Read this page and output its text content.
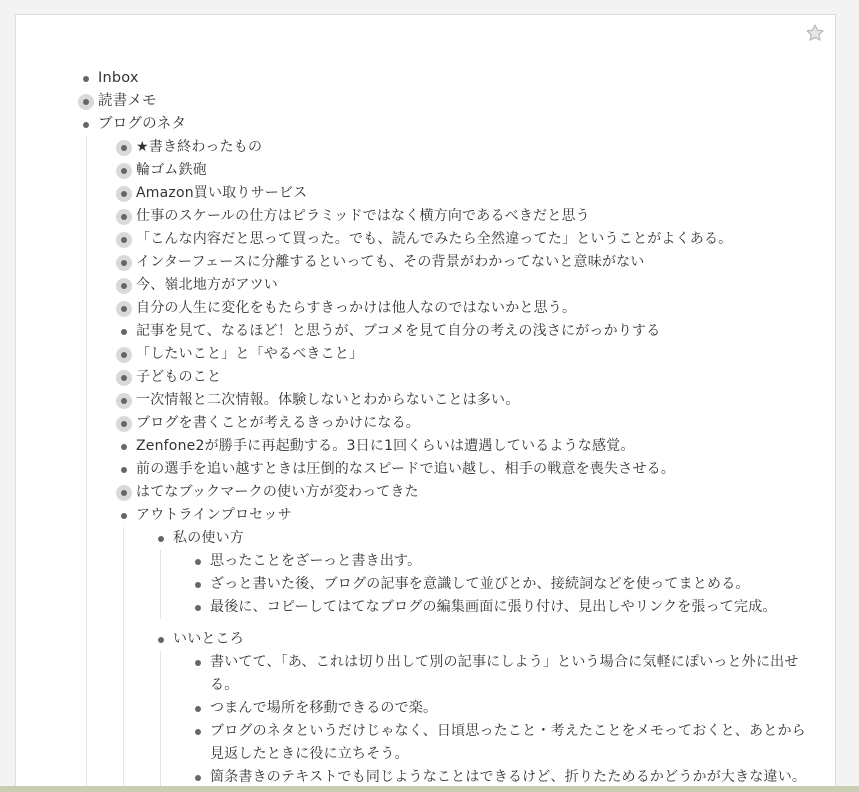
Inbox
読書メモ
ブログのネタ
★書き終わったもの
輪ゴム鉄砲
Amazon買い取りサービス
仕事のスケールの仕方はピラミッドではなく横方向であるべきだと思う
「こんな内容だと思って買った。でも、読んでみたら全然違ってた」ということがよくある。
インターフェースに分離するといっても、その背景がわかってないと意味がない
今、嶺北地方がアツい
自分の人生に変化をもたらすきっかけは他人なのではないかと思う。
記事を見て、なるほど！と思うが、ブコメを見て自分の考えの浅さにがっかりする
「したいこと」と「やるべきこと」
子どものこと
一次情報と二次情報。体験しないとわからないことは多い。
ブログを書くことが考えるきっかけになる。
Zenfone2が勝手に再起動する。3日に1回くらいは遭遇しているような感覚。
前の選手を追い越すときは圧倒的なスピードで追い越し、相手の戦意を喪失させる。
はてなブックマークの使い方が変わってきた
アウトラインプロセッサ
私の使い方
思ったことをざーっと書き出す。
ざっと書いた後、ブログの記事を意識して並びとか、接続詞などを使ってまとめる。
最後に、コピーしてはてなブログの編集画面に張り付け、見出しやリンクを張って完成。
いいところ
書いてて、「あ、これは切り出して別の記事にしよう」という場合に気軽にぽいっと外に出せる。
つまんで場所を移動できるので楽。
ブログのネタというだけじゃなく、日頃思ったこと・考えたことをメモっておくと、あとから見返したときに役に立ちそう。
箇条書きのテキストでも同じようなことはできるけど、折りたためるかどうかが大きな違い。
